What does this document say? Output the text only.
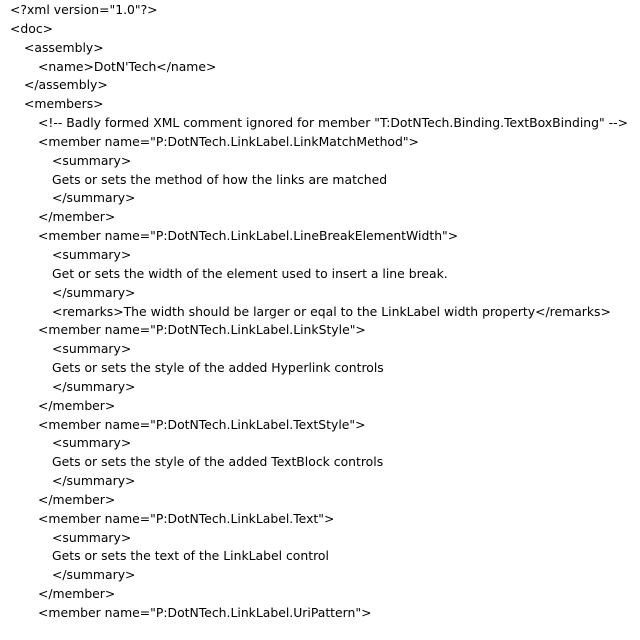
<?xml version="1.0"?>
<doc>
<assembly>
<name>DotN'Tech</name>
</assembly>
<members>
<!-- Badly formed XML comment ignored for member "T:DotNTech.Binding.TextBoxBinding" -->
<member name="P:DotNTech.LinkLabel.LinkMatchMethod">
<summary>
Gets or sets the method of how the links are matched
</summary>
</member>
<member name="P:DotNTech.LinkLabel.LineBreakElementWidth">
<summary>
Get or sets the width of the element used to insert a line break.
</summary>
<remarks>The width should be larger or eqal to the LinkLabel width property</remarks>
<member name="P:DotNTech.LinkLabel.LinkStyle">
<summary>
Gets or sets the style of the added Hyperlink controls
</summary>
</member>
<member name="P:DotNTech.LinkLabel.TextStyle">
<summary>
Gets or sets the style of the added TextBlock controls
</summary>
</member>
<member name="P:DotNTech.LinkLabel.Text">
<summary>
Gets or sets the text of the LinkLabel control
</summary>
</member>
<member name="P:DotNTech.LinkLabel.UriPattern">
